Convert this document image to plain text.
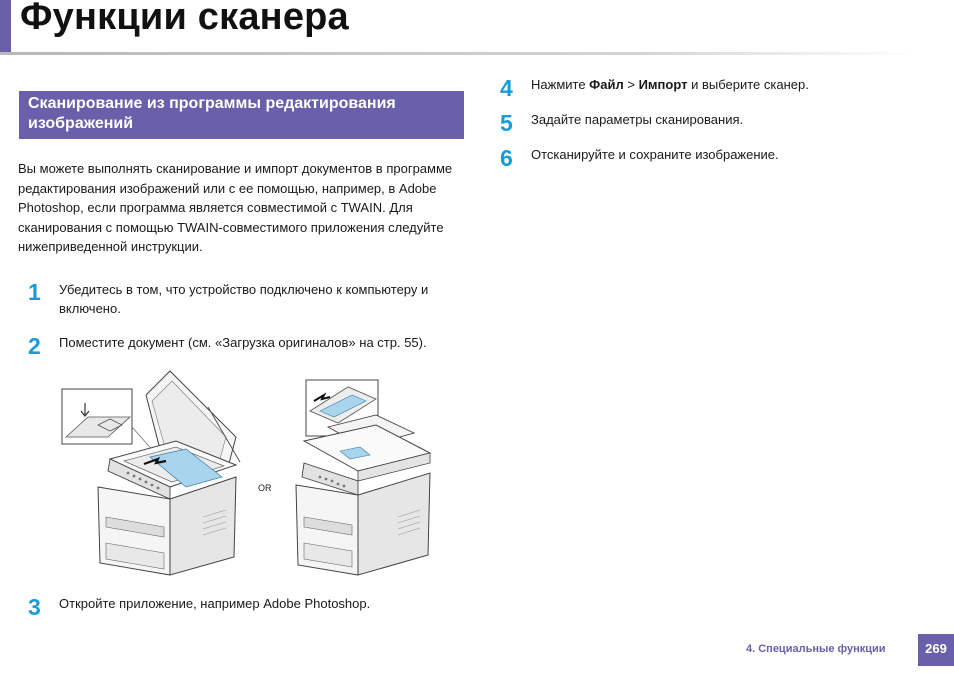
Функции сканера
Сканирование из программы редактирования изображений
Вы можете выполнять сканирование и импорт документов в программе редактирования изображений или с ее помощью, например, в Adobe Photoshop, если программа является совместимой с TWAIN. Для сканирования с помощью TWAIN-совместимого приложения следуйте нижеприведенной инструкции.
1 Убедитесь в том, что устройство подключено к компьютеру и включено.
2 Поместите документ (см. «Загрузка оригиналов» на стр. 55).
OR
3 Откройте приложение, например Adobe Photoshop.
4 Нажмите Файл > Импорт и выберите сканер.
5 Задайте параметры сканирования.
6 Отсканируйте и сохраните изображение.
4. Специальные функции	269
